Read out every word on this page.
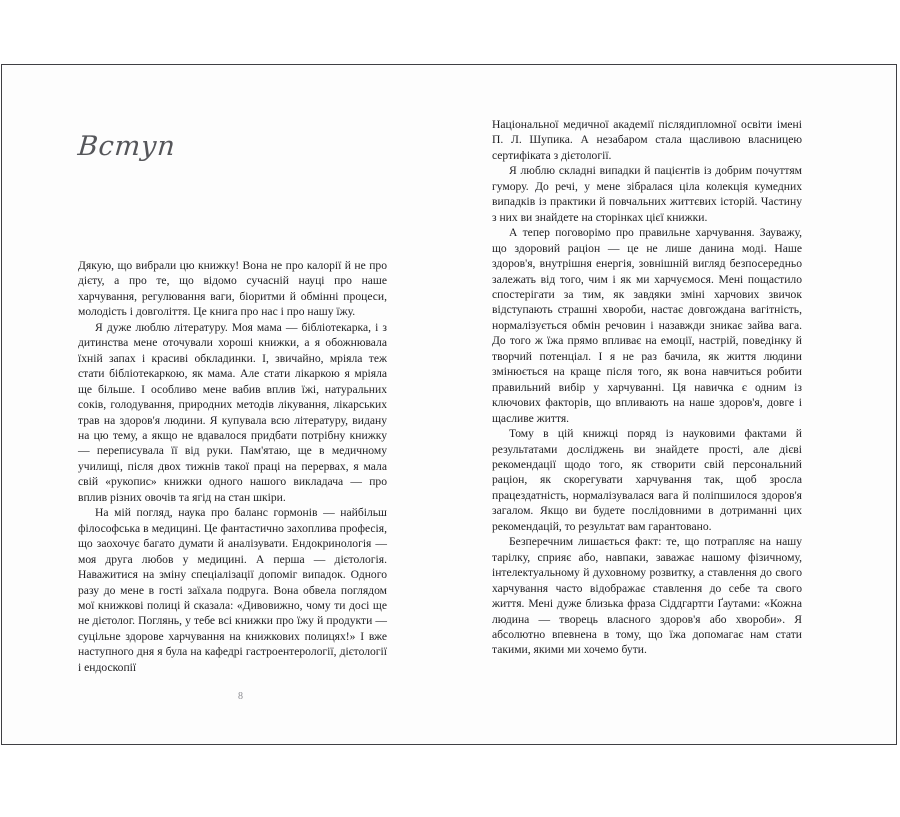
Вступ

Дякую, що вибрали цю книжку! Вона не про калорії й не про дієту, а про те, що відомо сучасній науці про наше харчування, регулювання ваги, біоритми й обмінні процеси, молодість і довголіття. Це книга про нас і про нашу їжу.

Я дуже люблю літературу. Моя мама — бібліотекарка, і з дитинства мене оточували хороші книжки, а я обожнювала їхній запах і красиві обкладинки. І, звичайно, мріяла теж стати бібліотекаркою, як мама. Але стати лікаркою я мріяла ще більше. І особливо мене вабив вплив їжі, натуральних соків, голодування, природних методів лікування, лікарських трав на здоров'я людини. Я купувала всю літературу, видану на цю тему, а якщо не вдавалося придбати потрібну книжку — переписувала її від руки. Пам'ятаю, ще в медичному училищі, після двох тижнів такої праці на перервах, я мала свій «рукопис» книжки одного нашого викладача — про вплив різних овочів та ягід на стан шкіри.

На мій погляд, наука про баланс гормонів — найбільш філософська в медицині. Це фантастично захоплива професія, що заохочує багато думати й аналізувати. Ендокринологія — моя друга любов у медицині. А перша — дієтологія. Наважитися на зміну спеціалізації допоміг випадок. Одного разу до мене в гості заїхала подруга. Вона обвела поглядом мої книжкові полиці й сказала: «Дивовижно, чому ти досі ще не дієтолог. Поглянь, у тебе всі книжки про їжу й продукти — суцільне здорове харчування на книжкових полицях!» І вже наступного дня я була на кафедрі гастроентерології, дієтології і ендоскопії

8

Національної медичної академії післядипломної освіти імені П. Л. Шупика. А незабаром стала щасливою власницею сертифіката з дієтології.

Я люблю складні випадки й пацієнтів із добрим почуттям гумору. До речі, у мене зібралася ціла колекція кумедних випадків із практики й повчальних життєвих історій. Частину з них ви знайдете на сторінках цієї книжки.

А тепер поговорімо про правильне харчування. Зауважу, що здоровий раціон — це не лише данина моді. Наше здоров'я, внутрішня енергія, зовнішній вигляд безпосередньо залежать від того, чим і як ми харчуємося. Мені пощастило спостерігати за тим, як завдяки зміні харчових звичок відступають страшні хвороби, настає довгождана вагітність, нормалізується обмін речовин і назавжди зникає зайва вага. До того ж їжа прямо впливає на емоції, настрій, поведінку й творчий потенціал. І я не раз бачила, як життя людини змінюється на краще після того, як вона навчиться робити правильний вибір у харчуванні. Ця навичка є одним із ключових факторів, що впливають на наше здоров'я, довге і щасливе життя.

Тому в цій книжці поряд із науковими фактами й результатами досліджень ви знайдете прості, але дієві рекомендації щодо того, як створити свій персональний раціон, як скорегувати харчування так, щоб зросла працездатність, нормалізувалася вага й поліпшилося здоров'я загалом. Якщо ви будете послідовними в дотриманні цих рекомендацій, то результат вам гарантовано.

Безперечним лишається факт: те, що потрапляє на нашу тарілку, сприяє або, навпаки, заважає нашому фізичному, інтелектуальному й духовному розвитку, а ставлення до свого харчування часто відображає ставлення до себе та свого життя. Мені дуже близька фраза Сіддгартги Ґаутами: «Кожна людина — творець власного здоров'я або хвороби». Я абсолютно впевнена в тому, що їжа допомагає нам стати такими, якими ми хочемо бути.
